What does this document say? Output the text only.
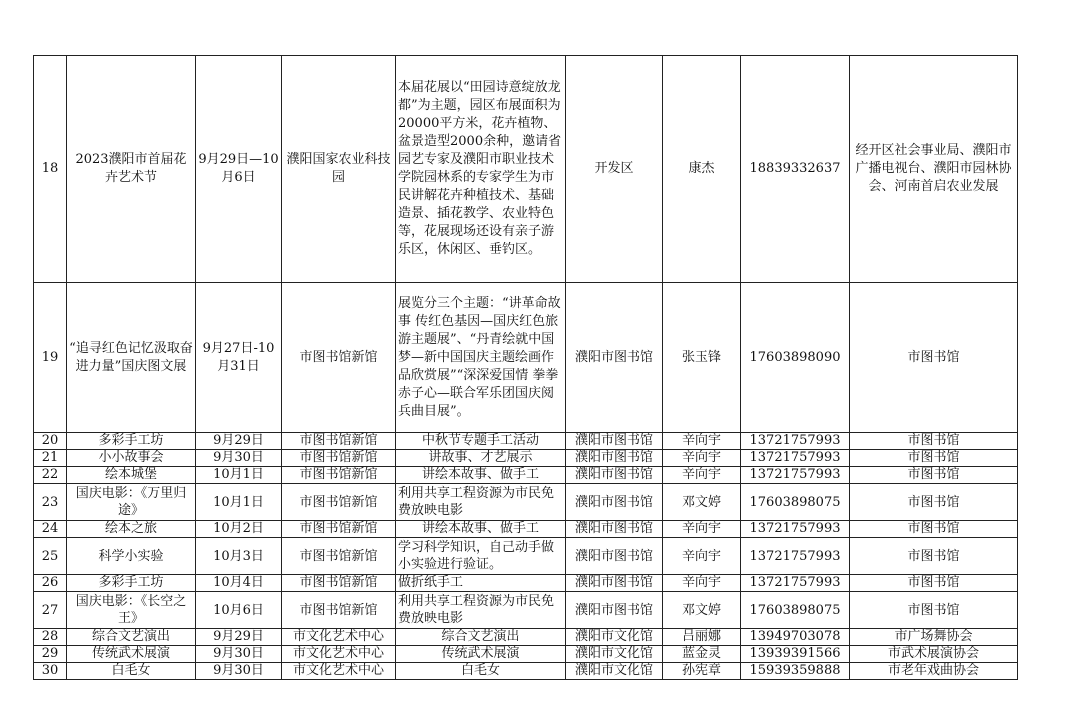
18	2023濮阳市首届花卉艺术节	9月29日—10月6日	濮阳国家农业科技园	本届花展以“田园诗意绽放龙都”为主题，园区布展面积为20000平方米，花卉植物、盆景造型2000余种，邀请省园艺专家及濮阳市职业技术学院园林系的专家学生为市民讲解花卉种植技术、基础造景、插花教学、农业特色等，花展现场还设有亲子游乐区，休闲区、垂钓区。	开发区	康杰	18839332637	经开区社会事业局、濮阳市广播电视台、濮阳市园林协会、河南首启农业发展
19	“追寻红色记忆汲取奋进力量”国庆图文展	9月27日-10月31日	市图书馆新馆	展览分三个主题：“讲革命故事 传红色基因—国庆红色旅游主题展”、“丹青绘就中国梦—新中国国庆主题绘画作品欣赏展”“深深爱国情 拳拳赤子心—联合军乐团国庆阅兵曲目展”。	濮阳市图书馆	张玉锋	17603898090	市图书馆
20	多彩手工坊	9月29日	市图书馆新馆	中秋节专题手工活动	濮阳市图书馆	辛向宇	13721757993	市图书馆
21	小小故事会	9月30日	市图书馆新馆	讲故事、才艺展示	濮阳市图书馆	辛向宇	13721757993	市图书馆
22	绘本城堡	10月1日	市图书馆新馆	讲绘本故事、做手工	濮阳市图书馆	辛向宇	13721757993	市图书馆
23	国庆电影：《万里归途》	10月1日	市图书馆新馆	利用共享工程资源为市民免费放映电影	濮阳市图书馆	邓文婷	17603898075	市图书馆
24	绘本之旅	10月2日	市图书馆新馆	讲绘本故事、做手工	濮阳市图书馆	辛向宇	13721757993	市图书馆
25	科学小实验	10月3日	市图书馆新馆	学习科学知识，自己动手做小实验进行验证。	濮阳市图书馆	辛向宇	13721757993	市图书馆
26	多彩手工坊	10月4日	市图书馆新馆	做折纸手工	濮阳市图书馆	辛向宇	13721757993	市图书馆
27	国庆电影：《长空之王》	10月6日	市图书馆新馆	利用共享工程资源为市民免费放映电影	濮阳市图书馆	邓文婷	17603898075	市图书馆
28	综合文艺演出	9月29日	市文化艺术中心	综合文艺演出	濮阳市文化馆	吕丽娜	13949703078	市广场舞协会
29	传统武术展演	9月30日	市文化艺术中心	传统武术展演	濮阳市文化馆	蓝金灵	13939391566	市武术展演协会
30	白毛女	9月30日	市文化艺术中心	白毛女	濮阳市文化馆	孙宪章	15939359888	市老年戏曲协会
